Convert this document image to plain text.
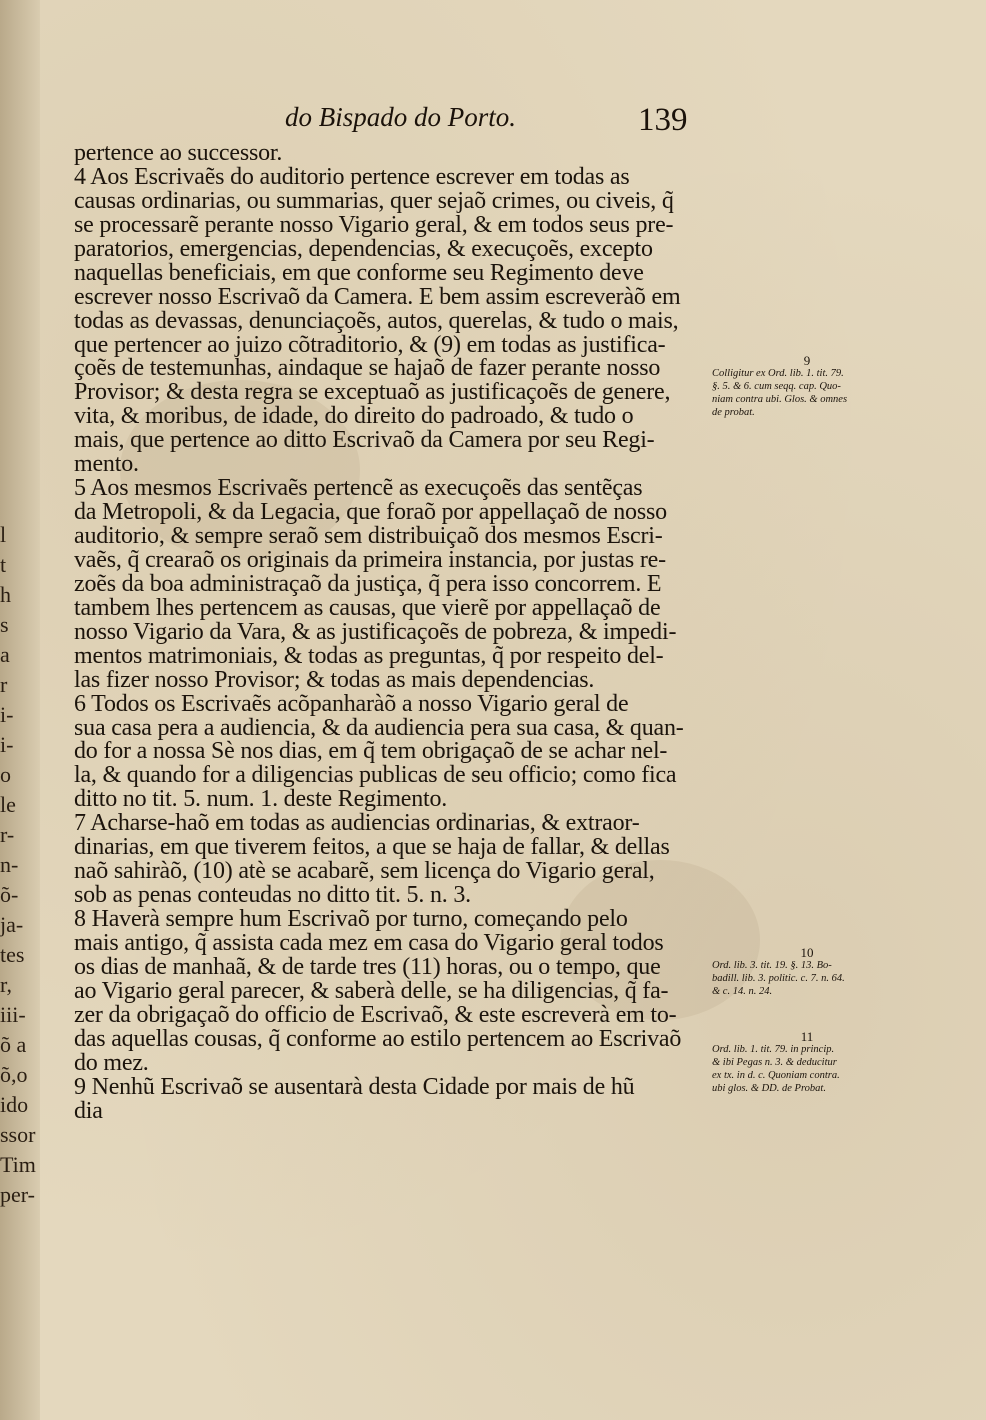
l
t
h
s
a
r
i-
i-
o
le
r-
n-
õ-
ja-
tes
r,
iii-
õ a
õ,o
ido
ssor
Tim
per-
do Bispado do Porto.	139
pertence ao successor.
4 Aos Escrivaẽs do auditorio pertence escrever em todas as
causas ordinarias, ou summarias, quer sejaõ crimes, ou civeis, q̃
se processarẽ perante nosso Vigario geral, & em todos seus pre-
paratorios, emergencias, dependencias, & execuçoẽs, excepto
naquellas beneficiais, em que conforme seu Regimento deve
escrever nosso Escrivaõ da Camera. E bem assim escreveràõ em
todas as devassas, denunciaçoẽs, autos, querelas, & tudo o mais,
que pertencer ao juizo cõtraditorio, & (9) em todas as justifica-
çoẽs de testemunhas, aindaque se hajaõ de fazer perante nosso
Provisor; & desta regra se exceptuaõ as justificaçoẽs de genere,
vita, & moribus, de idade, do direito do padroado, & tudo o
mais, que pertence ao ditto Escrivaõ da Camera por seu Regi-
mento.
5 Aos mesmos Escrivaẽs pertencẽ as execuçoẽs das sentẽças
da Metropoli, & da Legacia, que foraõ por appellaçaõ de nosso
auditorio, & sempre seraõ sem distribuiçaõ dos mesmos Escri-
vaẽs, q̃ crearaõ os originais da primeira instancia, por justas re-
zoẽs da boa administraçaõ da justiça, q̃ pera isso concorrem. E
tambem lhes pertencem as causas, que vierẽ por appellaçaõ de
nosso Vigario da Vara, & as justificaçoẽs de pobreza, & impedi-
mentos matrimoniais, & todas as preguntas, q̃ por respeito del-
las fizer nosso Provisor; & todas as mais dependencias.
6 Todos os Escrivaẽs acõpanharàõ a nosso Vigario geral de
sua casa pera a audiencia, & da audiencia pera sua casa, & quan-
do for a nossa Sè nos dias, em q̃ tem obrigaçaõ de se achar nel-
la, & quando for a diligencias publicas de seu officio; como fica
ditto no tit. 5. num. 1. deste Regimento.
7 Acharse-haõ em todas as audiencias ordinarias, & extraor-
dinarias, em que tiverem feitos, a que se haja de fallar, & dellas
naõ sahiràõ, (10) atè se acabarẽ, sem licença do Vigario geral,
sob as penas conteudas no ditto tit. 5. n. 3.
8 Haverà sempre hum Escrivaõ por turno, começando pelo
mais antigo, q̃ assista cada mez em casa do Vigario geral todos
os dias de manhaã, & de tarde tres (11) horas, ou o tempo, que
ao Vigario geral parecer, & saberà delle, se ha diligencias, q̃ fa-
zer da obrigaçaõ do officio de Escrivaõ, & este escreverà em to-
das aquellas cousas, q̃ conforme ao estilo pertencem ao Escrivaõ
do mez.
9 Nenhũ Escrivaõ se ausentarà desta Cidade por mais de hũ
dia
9
Colligitur ex Ord. lib. 1. tit. 79.
§. 5. & 6. cum seqq. cap. Quo-
niam contra ubi. Glos. & omnes
de probat.
10
Ord. lib. 3. tit. 19. §. 13. Bo-
badill. lib. 3. politic. c. 7. n. 64.
& c. 14. n. 24.
11
Ord. lib. 1. tit. 79. in princip.
& ibi Pegas n. 3. & deducitur
ex tx. in d. c. Quoniam contra.
ubi glos. & DD. de Probat.
